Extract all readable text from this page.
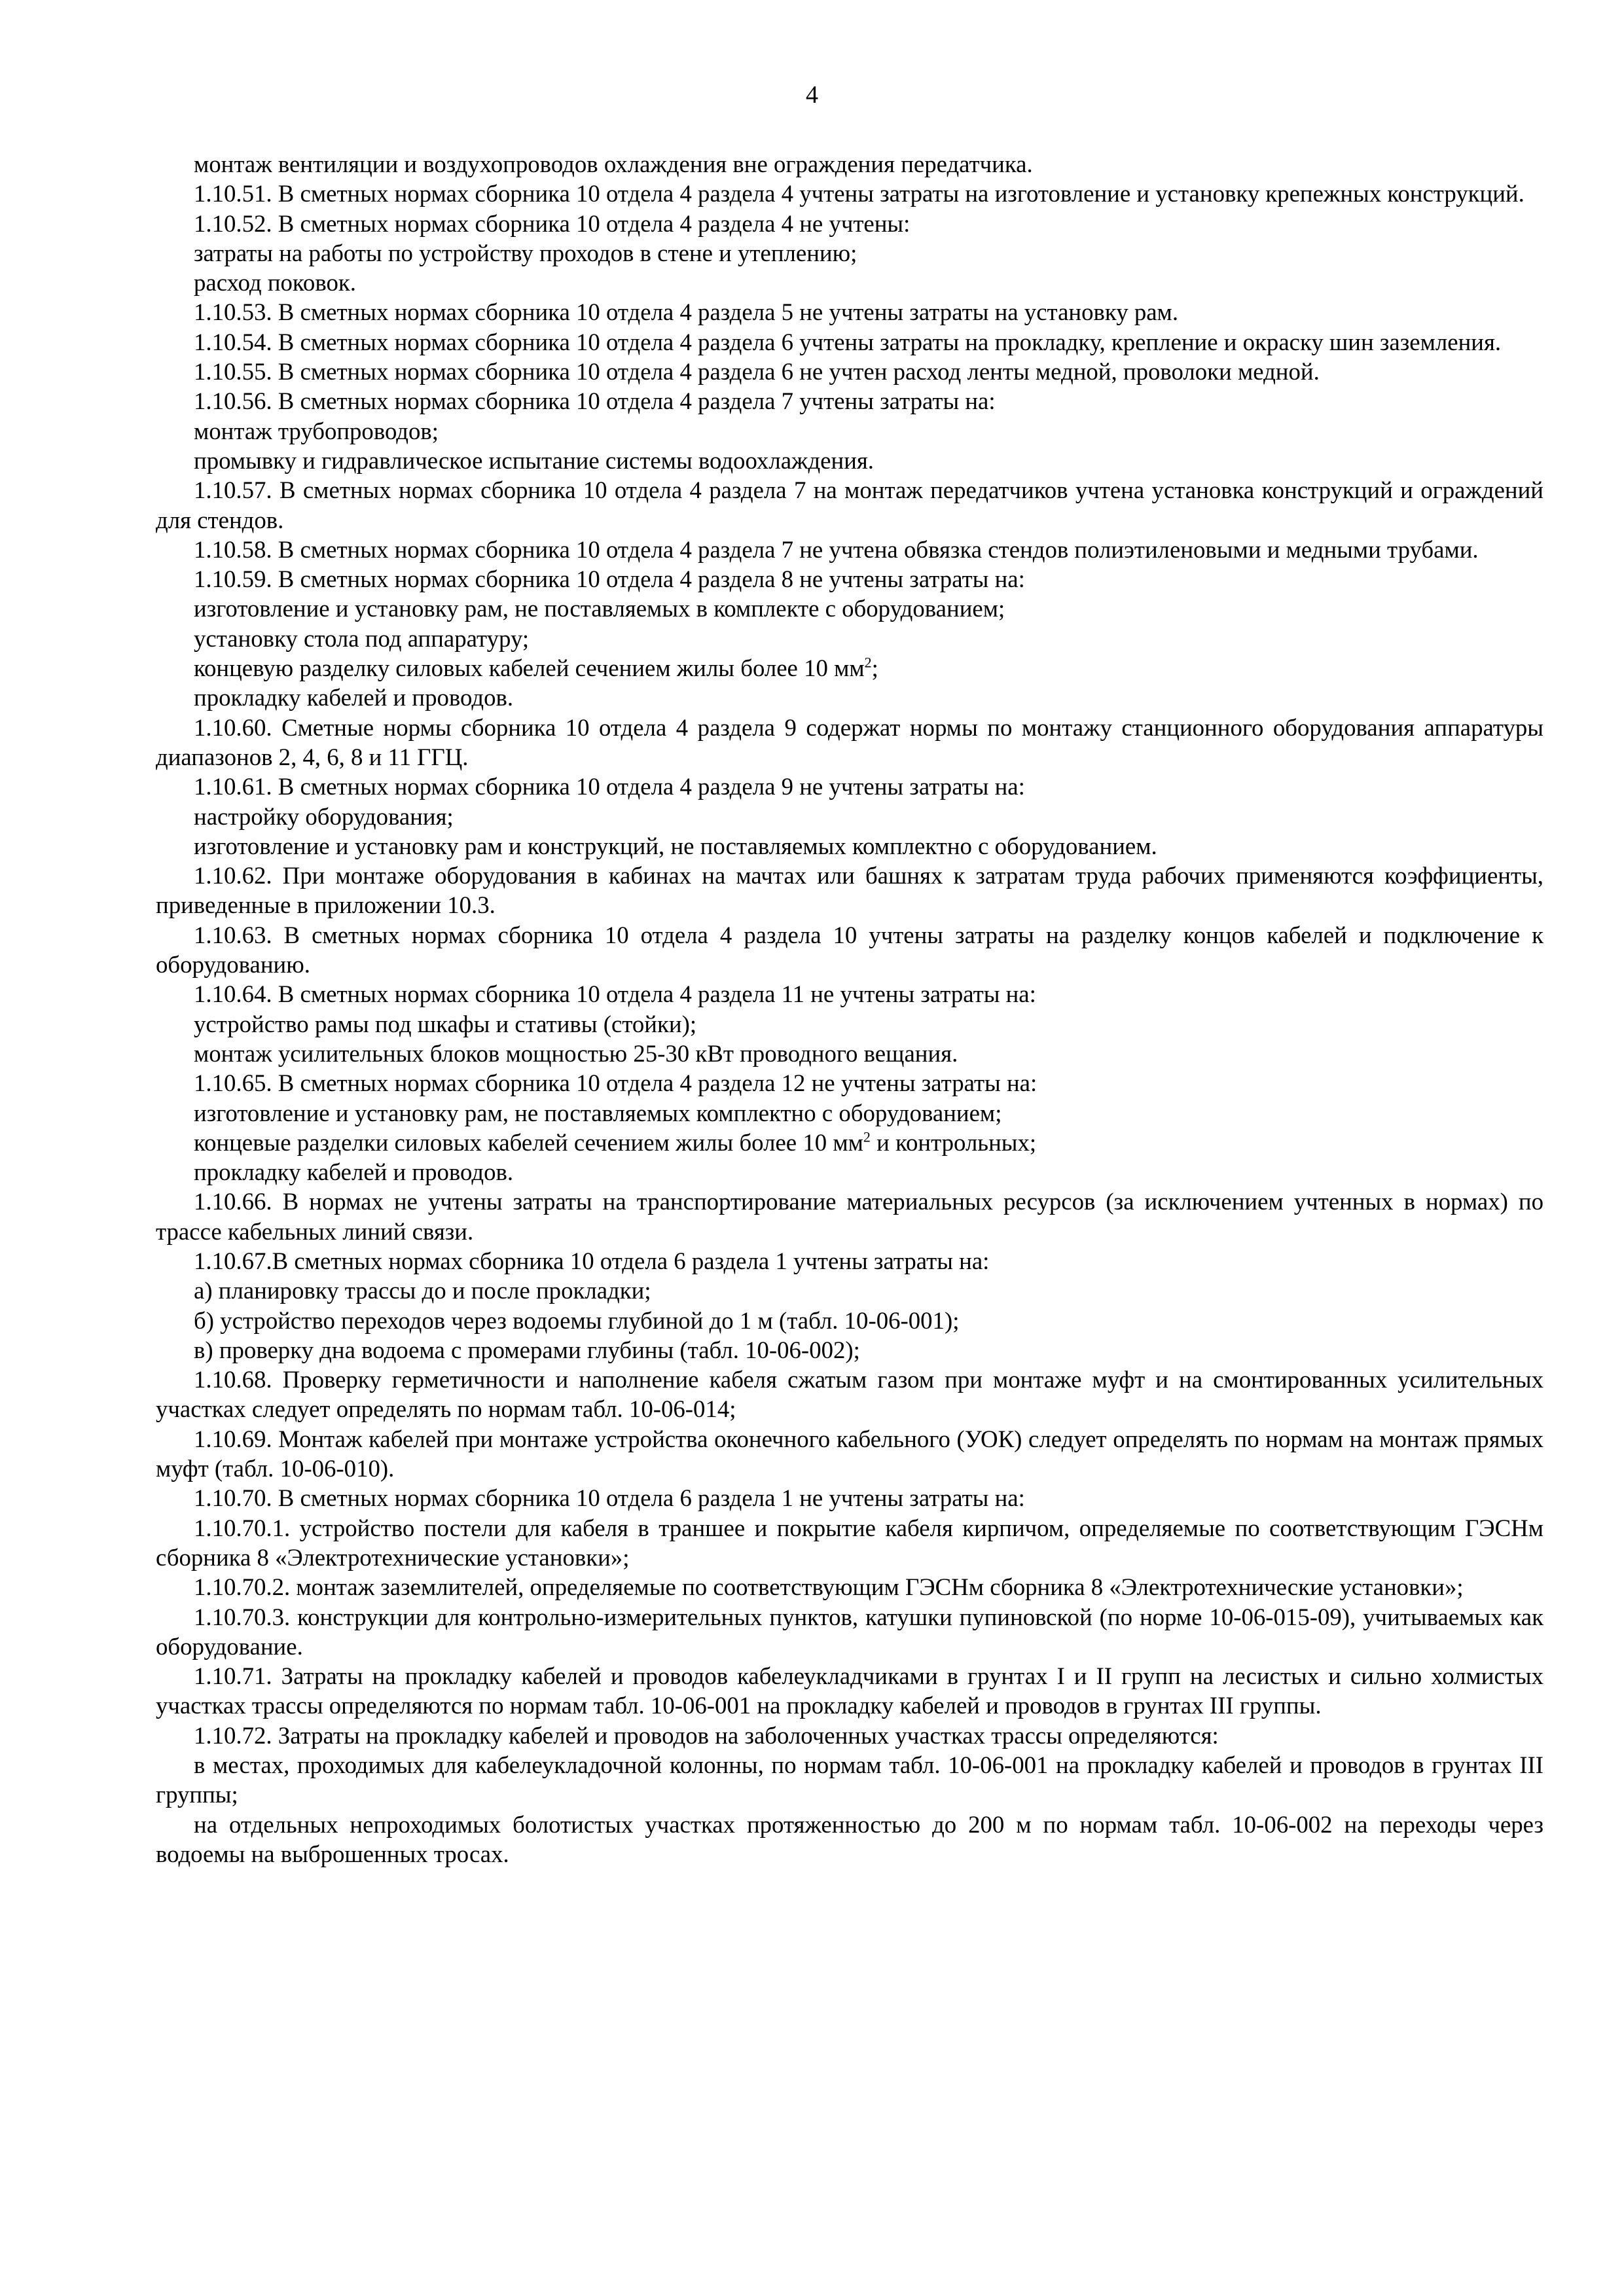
4

монтаж вентиляции и воздухопроводов охлаждения вне ограждения передатчика.

1.10.51. В сметных нормах сборника 10 отдела 4 раздела 4 учтены затраты на изготовление и установку крепежных конструкций.

1.10.52. В сметных нормах сборника 10 отдела 4 раздела 4 не учтены:

затраты на работы по устройству проходов в стене и утеплению;

расход поковок.

1.10.53. В сметных нормах сборника 10 отдела 4 раздела 5 не учтены затраты на установку рам.

1.10.54. В сметных нормах сборника 10 отдела 4 раздела 6 учтены затраты на прокладку, крепление и окраску шин заземления.

1.10.55. В сметных нормах сборника 10 отдела 4 раздела 6 не учтен расход ленты медной, проволоки медной.

1.10.56. В сметных нормах сборника 10 отдела 4 раздела 7 учтены затраты на:

монтаж трубопроводов;

промывку и гидравлическое испытание системы водоохлаждения.

1.10.57. В сметных нормах сборника 10 отдела 4 раздела 7 на монтаж передатчиков учтена установка конструкций и ограждений для стендов.

1.10.58. В сметных нормах сборника 10 отдела 4 раздела 7 не учтена обвязка стендов полиэтиленовыми и медными трубами.

1.10.59. В сметных нормах сборника 10 отдела 4 раздела 8 не учтены затраты на:

изготовление и установку рам, не поставляемых в комплекте с оборудованием;

установку стола под аппаратуру;

концевую разделку силовых кабелей сечением жилы более 10 $мм^2$;

прокладку кабелей и проводов.

1.10.60. Сметные нормы сборника 10 отдела 4 раздела 9 содержат нормы по монтажу станционного оборудования аппаратуры диапазонов 2, 4, 6, 8 и 11 ГГЦ.

1.10.61. В сметных нормах сборника 10 отдела 4 раздела 9 не учтены затраты на:

настройку оборудования;

изготовление и установку рам и конструкций, не поставляемых комплектно с оборудованием.

1.10.62. При монтаже оборудования в кабинах на мачтах или башнях к затратам труда рабочих применяются коэффициенты, приведенные в приложении 10.3.

1.10.63. В сметных нормах сборника 10 отдела 4 раздела 10 учтены затраты на разделку концов кабелей и подключение к оборудованию.

1.10.64. В сметных нормах сборника 10 отдела 4 раздела 11 не учтены затраты на:

устройство рамы под шкафы и стативы (стойки);

монтаж усилительных блоков мощностью 25-30 кВт проводного вещания.

1.10.65. В сметных нормах сборника 10 отдела 4 раздела 12 не учтены затраты на:

изготовление и установку рам, не поставляемых комплектно с оборудованием;

концевые разделки силовых кабелей сечением жилы более 10 $мм^2$ и контрольных;

прокладку кабелей и проводов.

1.10.66. В нормах не учтены затраты на транспортирование материальных ресурсов (за исключением учтенных в нормах) по трассе кабельных линий связи.

1.10.67.В сметных нормах сборника 10 отдела 6 раздела 1 учтены затраты на:

а) планировку трассы до и после прокладки;

б) устройство переходов через водоемы глубиной до 1 м (табл. 10-06-001);

в) проверку дна водоема с промерами глубины (табл. 10-06-002);

1.10.68. Проверку герметичности и наполнение кабеля сжатым газом при монтаже муфт и на смонтированных усилительных участках следует определять по нормам табл. 10-06-014;

1.10.69. Монтаж кабелей при монтаже устройства оконечного кабельного (УОК) следует определять по нормам на монтаж прямых муфт (табл. 10-06-010).

1.10.70. В сметных нормах сборника 10 отдела 6 раздела 1 не учтены затраты на:

1.10.70.1. устройство постели для кабеля в траншее и покрытие кабеля кирпичом, определяемые по соответствующим ГЭСНм сборника 8 «Электротехнические установки»;

1.10.70.2. монтаж заземлителей, определяемые по соответствующим ГЭСНм сборника 8 «Электротехнические установки»;

1.10.70.3. конструкции для контрольно-измерительных пунктов, катушки пупиновской (по норме 10-06-015-09), учитываемых как оборудование.

1.10.71. Затраты на прокладку кабелей и проводов кабелеукладчиками в грунтах I и II групп на лесистых и сильно холмистых участках трассы определяются по нормам табл. 10-06-001 на прокладку кабелей и проводов в грунтах III группы.

1.10.72. Затраты на прокладку кабелей и проводов на заболоченных участках трассы определяются:

в местах, проходимых для кабелеукладочной колонны, по нормам табл. 10-06-001 на прокладку кабелей и проводов в грунтах III группы;

на отдельных непроходимых болотистых участках протяженностью до 200 м по нормам табл. 10-06-002 на переходы через водоемы на выброшенных тросах.
